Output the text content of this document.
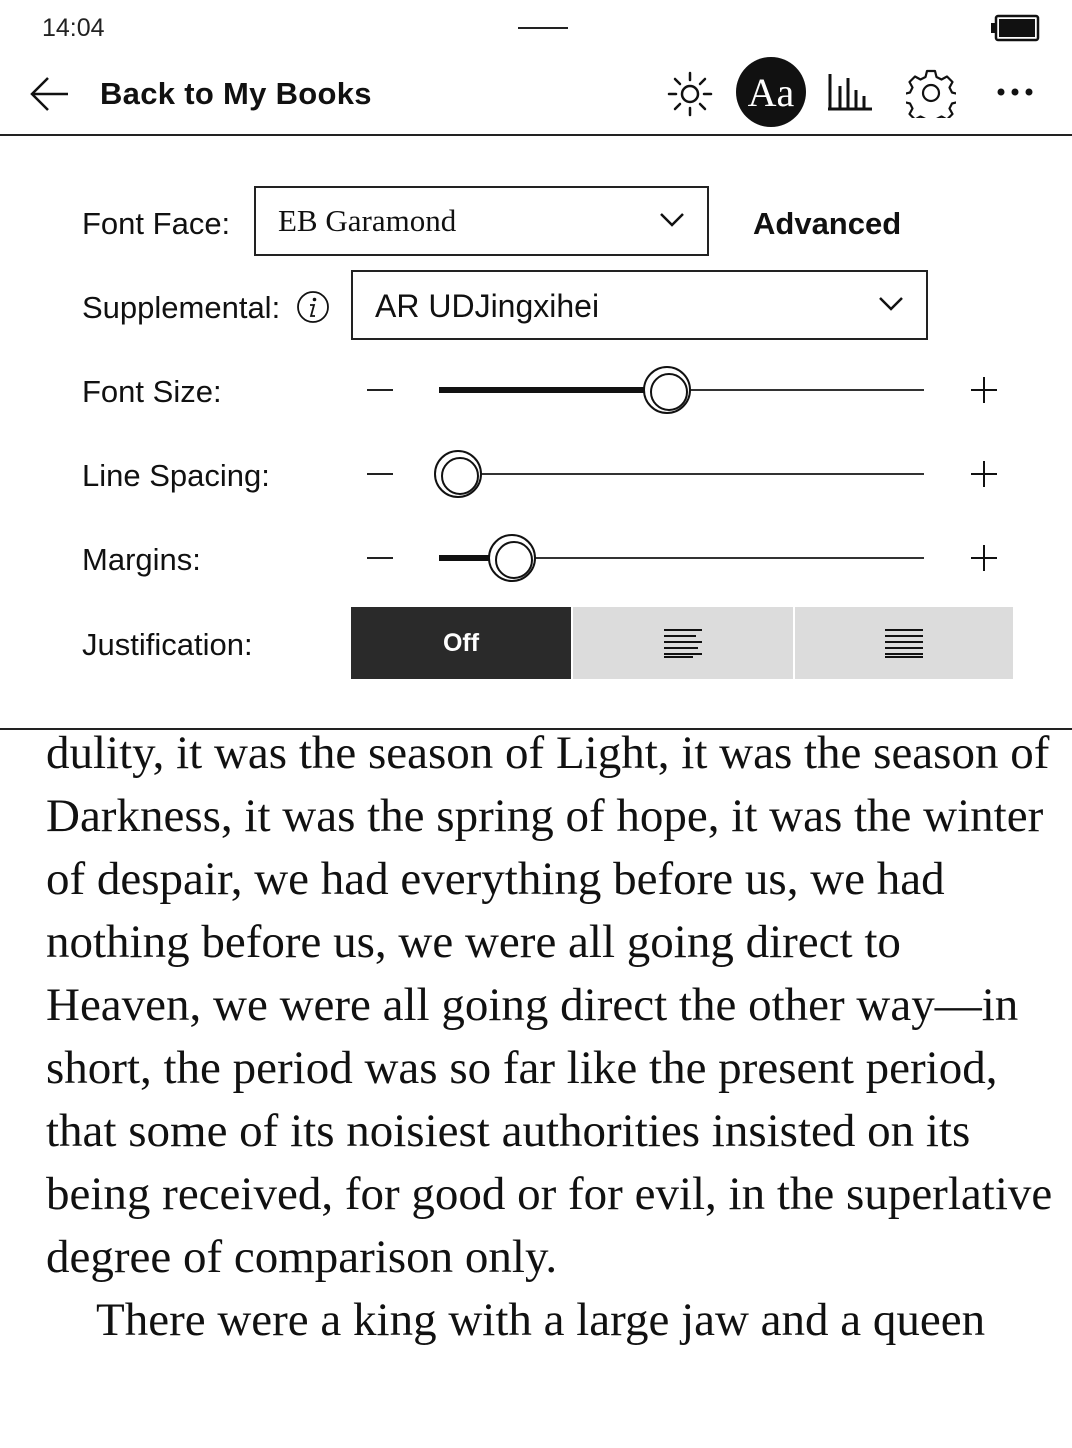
14:04
Back to My Books	Aa
Font Face: EB Garamond	Advanced
Supplemental:	AR UDJingxihei
Font Size:
Line Spacing:
Margins:
Justification:	Off

dulity, it was the season of Light, it was the season of

Darkness, it was the spring of hope, it was the winter

of despair, we had everything before us, we had

nothing before us, we were all going direct to

Heaven, we were all going direct the other way—in

short, the period was so far like the present period,

that some of its noisiest authorities insisted on its

being received, for good or for evil, in the superlative

degree of comparison only.

There were a king with a large jaw and a queen
